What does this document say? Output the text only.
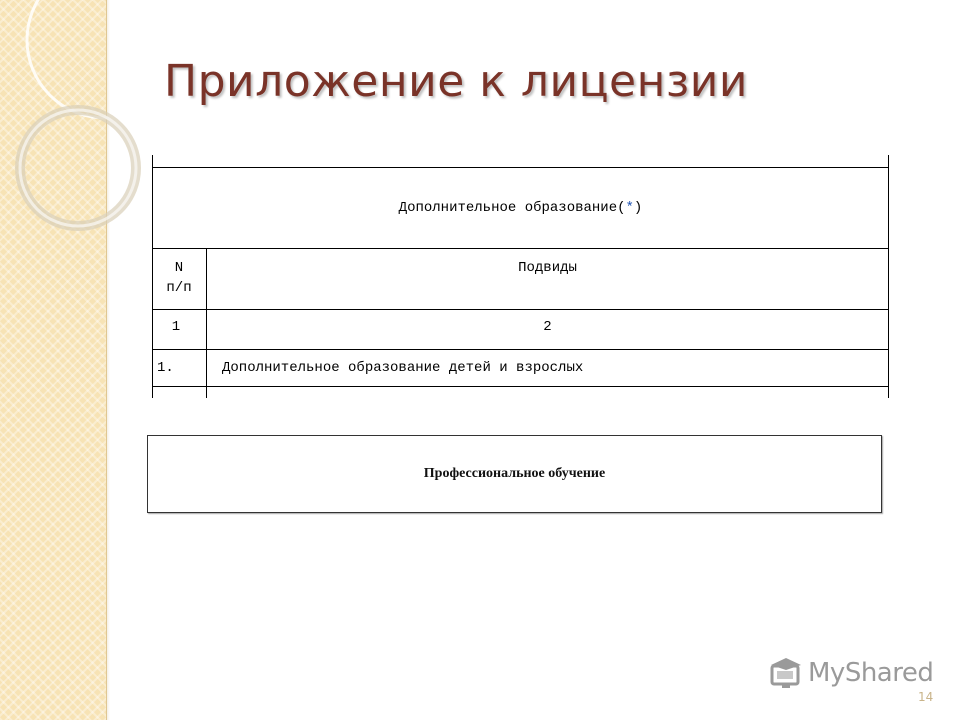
Приложение к лицензии
Дополнительное образование(*)
N
п/п
Подвиды
1	2
1.	Дополнительное образование детей и взрослых
Профессиональное обучение
MyShared
14
